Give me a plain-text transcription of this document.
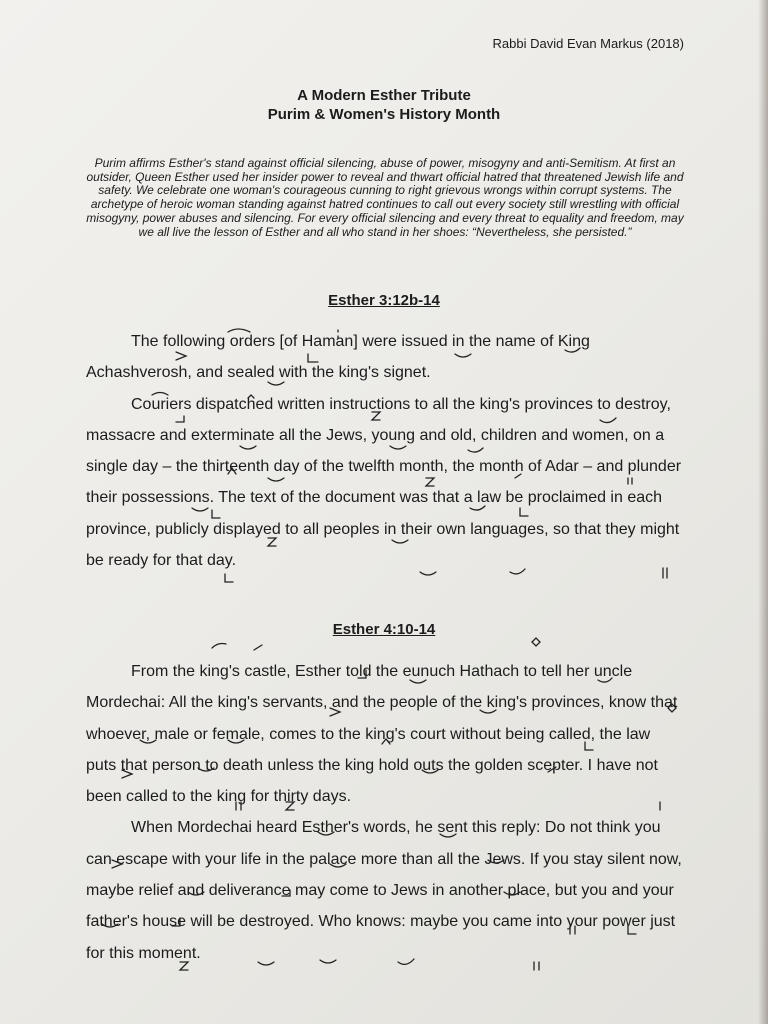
Rabbi David Evan Markus (2018)
A Modern Esther Tribute
Purim & Women's History Month
Purim affirms Esther's stand against official silencing, abuse of power, misogyny and anti-Semitism. At first an outsider, Queen Esther used her insider power to reveal and thwart official hatred that threatened Jewish life and safety. We celebrate one woman's courageous cunning to right grievous wrongs within corrupt systems. The archetype of heroic woman standing against hatred continues to call out every society still wrestling with official misogyny, power abuses and silencing. For every official silencing and every threat to equality and freedom, may we all live the lesson of Esther and all who stand in her shoes: “Nevertheless, she persisted.”
Esther 3:12b-14

The following orders [of Haman] were issued in the name of King Achashverosh, and sealed with the king's signet.

Couriers dispatched written instructions to all the king's provinces to destroy, massacre and exterminate all the Jews, young and old, children and women, on a single day – the thirteenth day of the twelfth month, the month of Adar – and plunder their possessions. The text of the document was that a law be proclaimed in each province, publicly displayed to all peoples in their own languages, so that they might be ready for that day.

Esther 4:10-14

From the king's castle, Esther told the eunuch Hathach to tell her uncle Mordechai: All the king's servants, and the people of the king's provinces, know that whoever, male or female, comes to the king's court without being called, the law puts that person to death unless the king hold outs the golden scepter. I have not been called to the king for thirty days.

When Mordechai heard Esther's words, he sent this reply: Do not think you can escape with your life in the palace more than all the Jews. If you stay silent now, maybe relief and deliverance may come to Jews in another place, but you and your father's house will be destroyed. Who knows: maybe you came into your power just for this moment.
